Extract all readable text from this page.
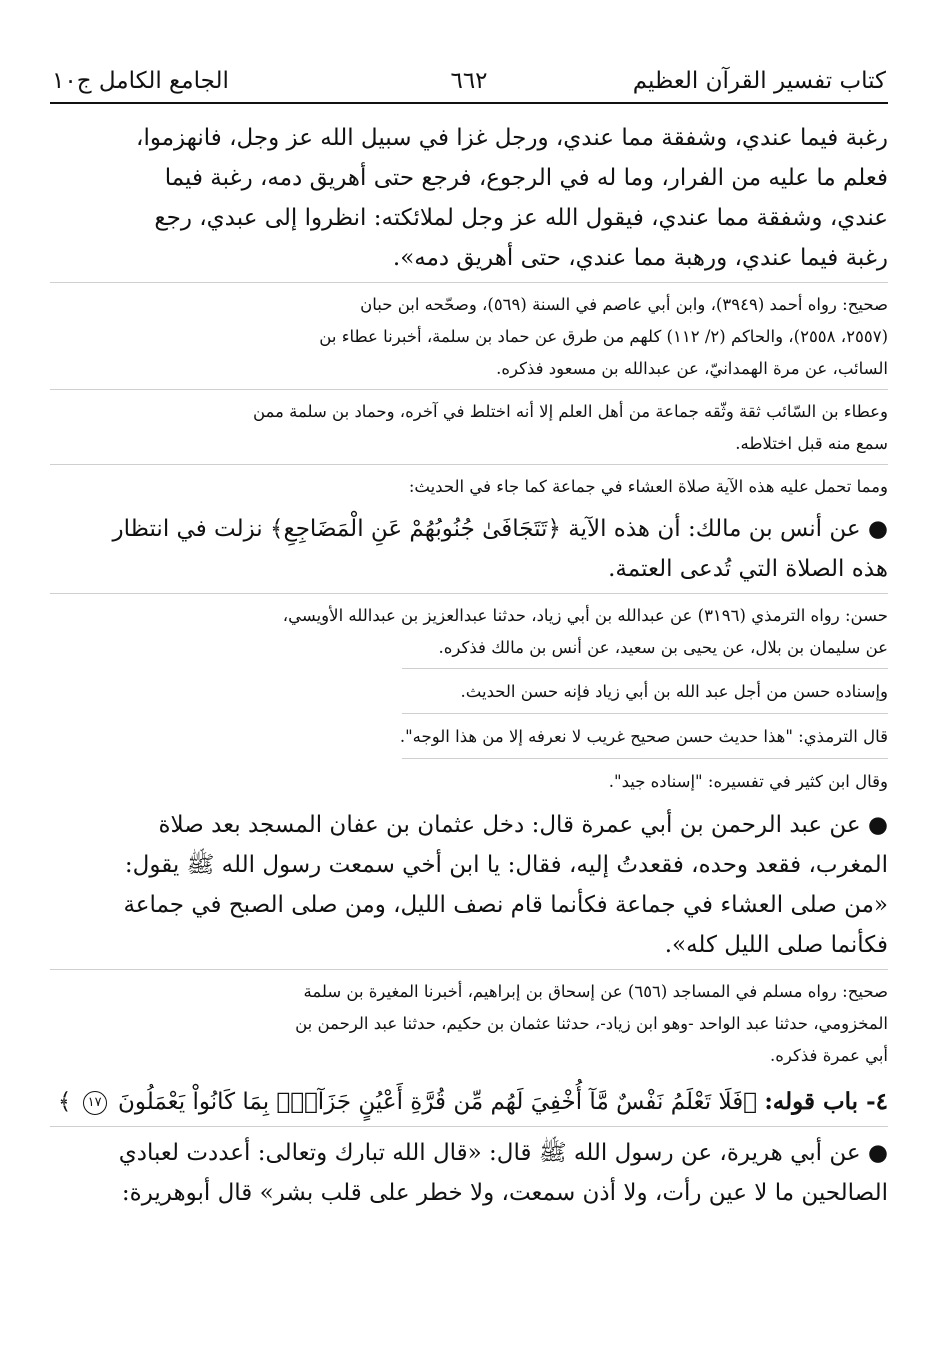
كتاب تفسير القرآن العظيم
٦٦٢
الجامع الكامل ج١٠

رغبة فيما عندي، وشفقة مما عندي، ورجل غزا في سبيل الله عز وجل، فانهزموا،

فعلم ما عليه من الفرار، وما له في الرجوع، فرجع حتى أهريق دمه، رغبة فيما

عندي، وشفقة مما عندي، فيقول الله عز وجل لملائكته: انظروا إلى عبدي، رجع

رغبة فيما عندي، ورهبة مما عندي، حتى أهريق دمه».

صحيح: رواه أحمد (٣٩٤٩)، وابن أبي عاصم في السنة (٥٦٩)، وصحّحه ابن حبان

(٢٥٥٧، ٢٥٥٨)، والحاكم (٢/ ١١٢) كلهم من طرق عن حماد بن سلمة، أخبرنا عطاء بن

السائب، عن مرة الهمدانيّ، عن عبدالله بن مسعود فذكره.

وعطاء بن السّائب ثقة وثّقه جماعة من أهل العلم إلا أنه اختلط في آخره، وحماد بن سلمة ممن

سمع منه قبل اختلاطه.

ومما تحمل عليه هذه الآية صلاة العشاء في جماعة كما جاء في الحديث:

● عن أنس بن مالك: أن هذه الآية ﴿تَتَجَافَىٰ جُنُوبُهُمْ عَنِ الْمَضَاجِعِ﴾ نزلت في انتظار

هذه الصلاة التي تُدعى العتمة.

حسن: رواه الترمذي (٣١٩٦) عن عبدالله بن أبي زياد، حدثنا عبدالعزيز بن عبدالله الأويسي،

عن سليمان بن بلال، عن يحيى بن سعيد، عن أنس بن مالك فذكره.

وإسناده حسن من أجل عبد الله بن أبي زياد فإنه حسن الحديث.

قال الترمذي: "هذا حديث حسن صحيح غريب لا نعرفه إلا من هذا الوجه".

وقال ابن كثير في تفسيره: "إسناده جيد".

● عن عبد الرحمن بن أبي عمرة قال: دخل عثمان بن عفان المسجد بعد صلاة

المغرب، فقعد وحده، فقعدتُ إليه، فقال: يا ابن أخي سمعت رسول الله ﷺ يقول:

«من صلى العشاء في جماعة فكأنما قام نصف الليل، ومن صلى الصبح في جماعة

فكأنما صلى الليل كله».

صحيح: رواه مسلم في المساجد (٦٥٦) عن إسحاق بن إبراهيم، أخبرنا المغيرة بن سلمة

المخزومي، حدثنا عبد الواحد -وهو ابن زياد-، حدثنا عثمان بن حكيم، حدثنا عبد الرحمن بن

أبي عمرة فذكره.

٤- باب قوله: ﴿فَلَا تَعْلَمُ نَفْسٌ مَّآ أُخْفِيَ لَهُم مِّن قُرَّةِ أَعْيُنٍ جَزَآءًۢ بِمَا كَانُواْ يَعْمَلُونَ ١٧ ﴾

● عن أبي هريرة، عن رسول الله ﷺ قال: «قال الله تبارك وتعالى: أعددت لعبادي

الصالحين ما لا عين رأت، ولا أذن سمعت، ولا خطر على قلب بشر» قال أبوهريرة:
